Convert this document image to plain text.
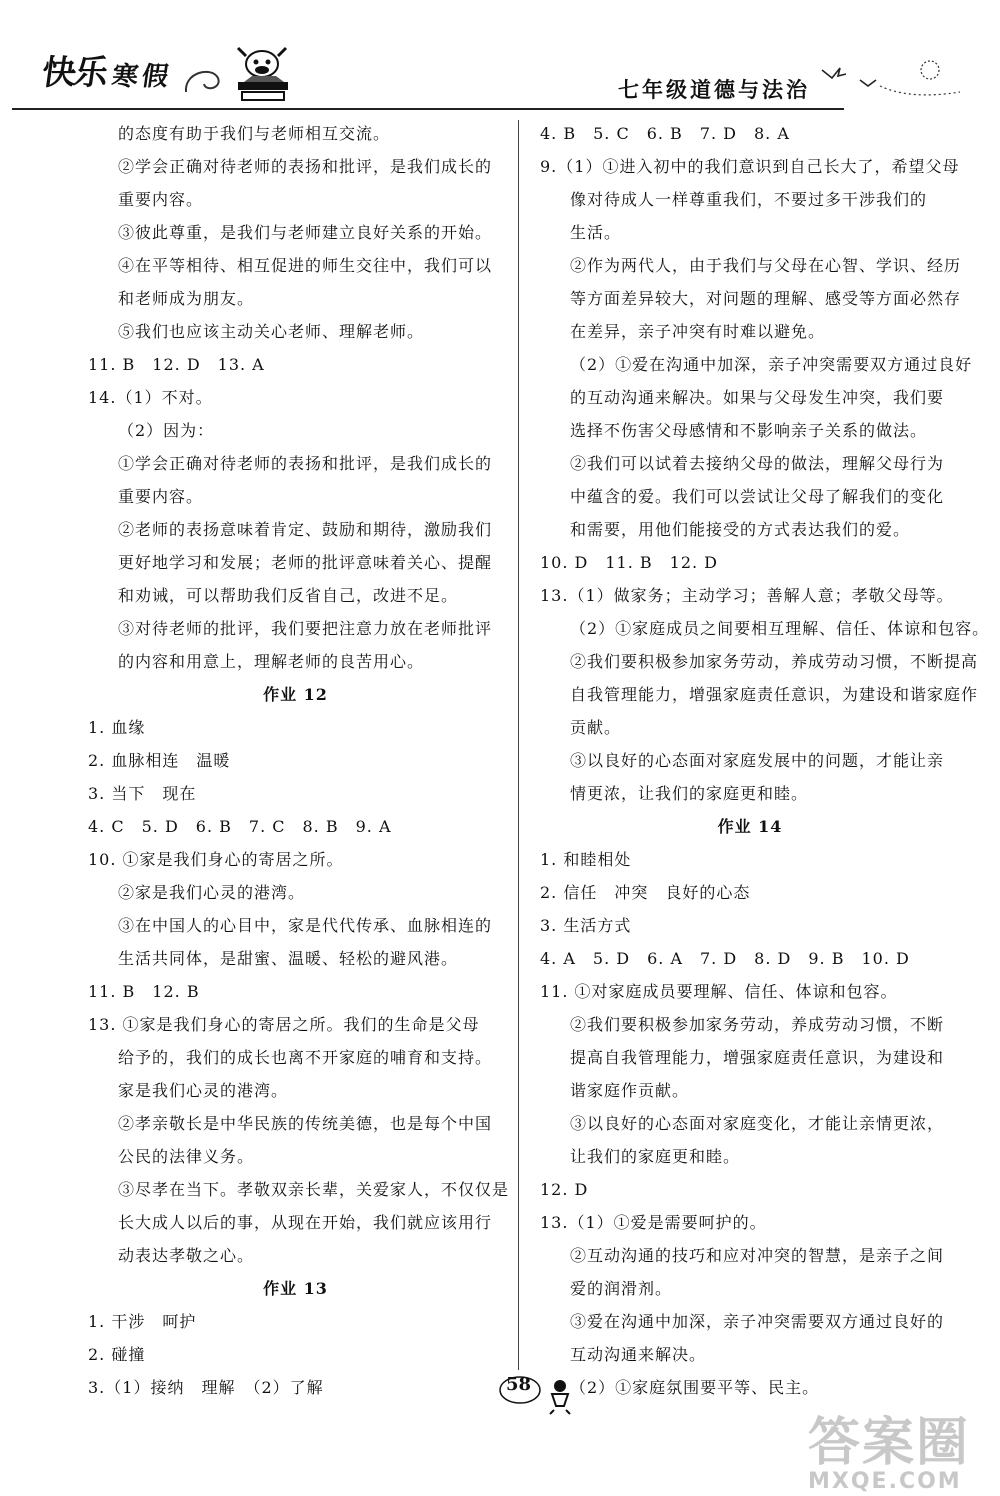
快
乐 寒 假	七年级道德与法治
的态度有助于我们与老师相互交流。
②学会正确对待老师的表扬和批评，是我们成长的
重要内容。
③彼此尊重，是我们与老师建立良好关系的开始。
④在平等相待、相互促进的师生交往中，我们可以
和老师成为朋友。
⑤我们也应该主动关心老师、理解老师。
11. B　12. D　13. A
14.（1）不对。
（2）因为：
①学会正确对待老师的表扬和批评，是我们成长的
重要内容。
②老师的表扬意味着肯定、鼓励和期待，激励我们
更好地学习和发展；老师的批评意味着关心、提醒
和劝诫，可以帮助我们反省自己，改进不足。
③对待老师的批评，我们要把注意力放在老师批评
的内容和用意上，理解老师的良苦用心。
作业 12
1. 血缘
2. 血脉相连　温暖
3. 当下　现在
4. C　5. D　6. B　7. C　8. B　9. A
10. ①家是我们身心的寄居之所。
②家是我们心灵的港湾。
③在中国人的心目中，家是代代传承、血脉相连的
生活共同体，是甜蜜、温暖、轻松的避风港。
11. B　12. B
13. ①家是我们身心的寄居之所。我们的生命是父母
给予的，我们的成长也离不开家庭的哺育和支持。
家是我们心灵的港湾。
②孝亲敬长是中华民族的传统美德，也是每个中国
公民的法律义务。
③尽孝在当下。孝敬双亲长辈，关爱家人，不仅仅是
长大成人以后的事，从现在开始，我们就应该用行
动表达孝敬之心。
作业 13
1. 干涉　呵护
2. 碰撞
3.（1）接纳　理解　（2）了解
4. B　5. C　6. B　7. D　8. A
9.（1）①进入初中的我们意识到自己长大了，希望父母
像对待成人一样尊重我们，不要过多干涉我们的
生活。
②作为两代人，由于我们与父母在心智、学识、经历
等方面差异较大，对问题的理解、感受等方面必然存
在差异，亲子冲突有时难以避免。
（2）①爱在沟通中加深，亲子冲突需要双方通过良好
的互动沟通来解决。如果与父母发生冲突，我们要
选择不伤害父母感情和不影响亲子关系的做法。
②我们可以试着去接纳父母的做法，理解父母行为
中蕴含的爱。我们可以尝试让父母了解我们的变化
和需要，用他们能接受的方式表达我们的爱。
10. D　11. B　12. D
13.（1）做家务；主动学习；善解人意；孝敬父母等。
（2）①家庭成员之间要相互理解、信任、体谅和包容。
②我们要积极参加家务劳动，养成劳动习惯，不断提高
自我管理能力，增强家庭责任意识，为建设和谐家庭作
贡献。
③以良好的心态面对家庭发展中的问题，才能让亲
情更浓，让我们的家庭更和睦。
作业 14
1. 和睦相处
2. 信任　冲突　良好的心态
3. 生活方式
4. A　5. D　6. A　7. D　8. D　9. B　10. D
11. ①对家庭成员要理解、信任、体谅和包容。
②我们要积极参加家务劳动，养成劳动习惯，不断
提高自我管理能力，增强家庭责任意识，为建设和
谐家庭作贡献。
③以良好的心态面对家庭变化，才能让亲情更浓，
让我们的家庭更和睦。
12. D
13.（1）①爱是需要呵护的。
②互动沟通的技巧和应对冲突的智慧，是亲子之间
爱的润滑剂。
③爱在沟通中加深，亲子冲突需要双方通过良好的
互动沟通来解决。
（2）①家庭氛围要平等、民主。
58
答案圈
MXQE.COM
